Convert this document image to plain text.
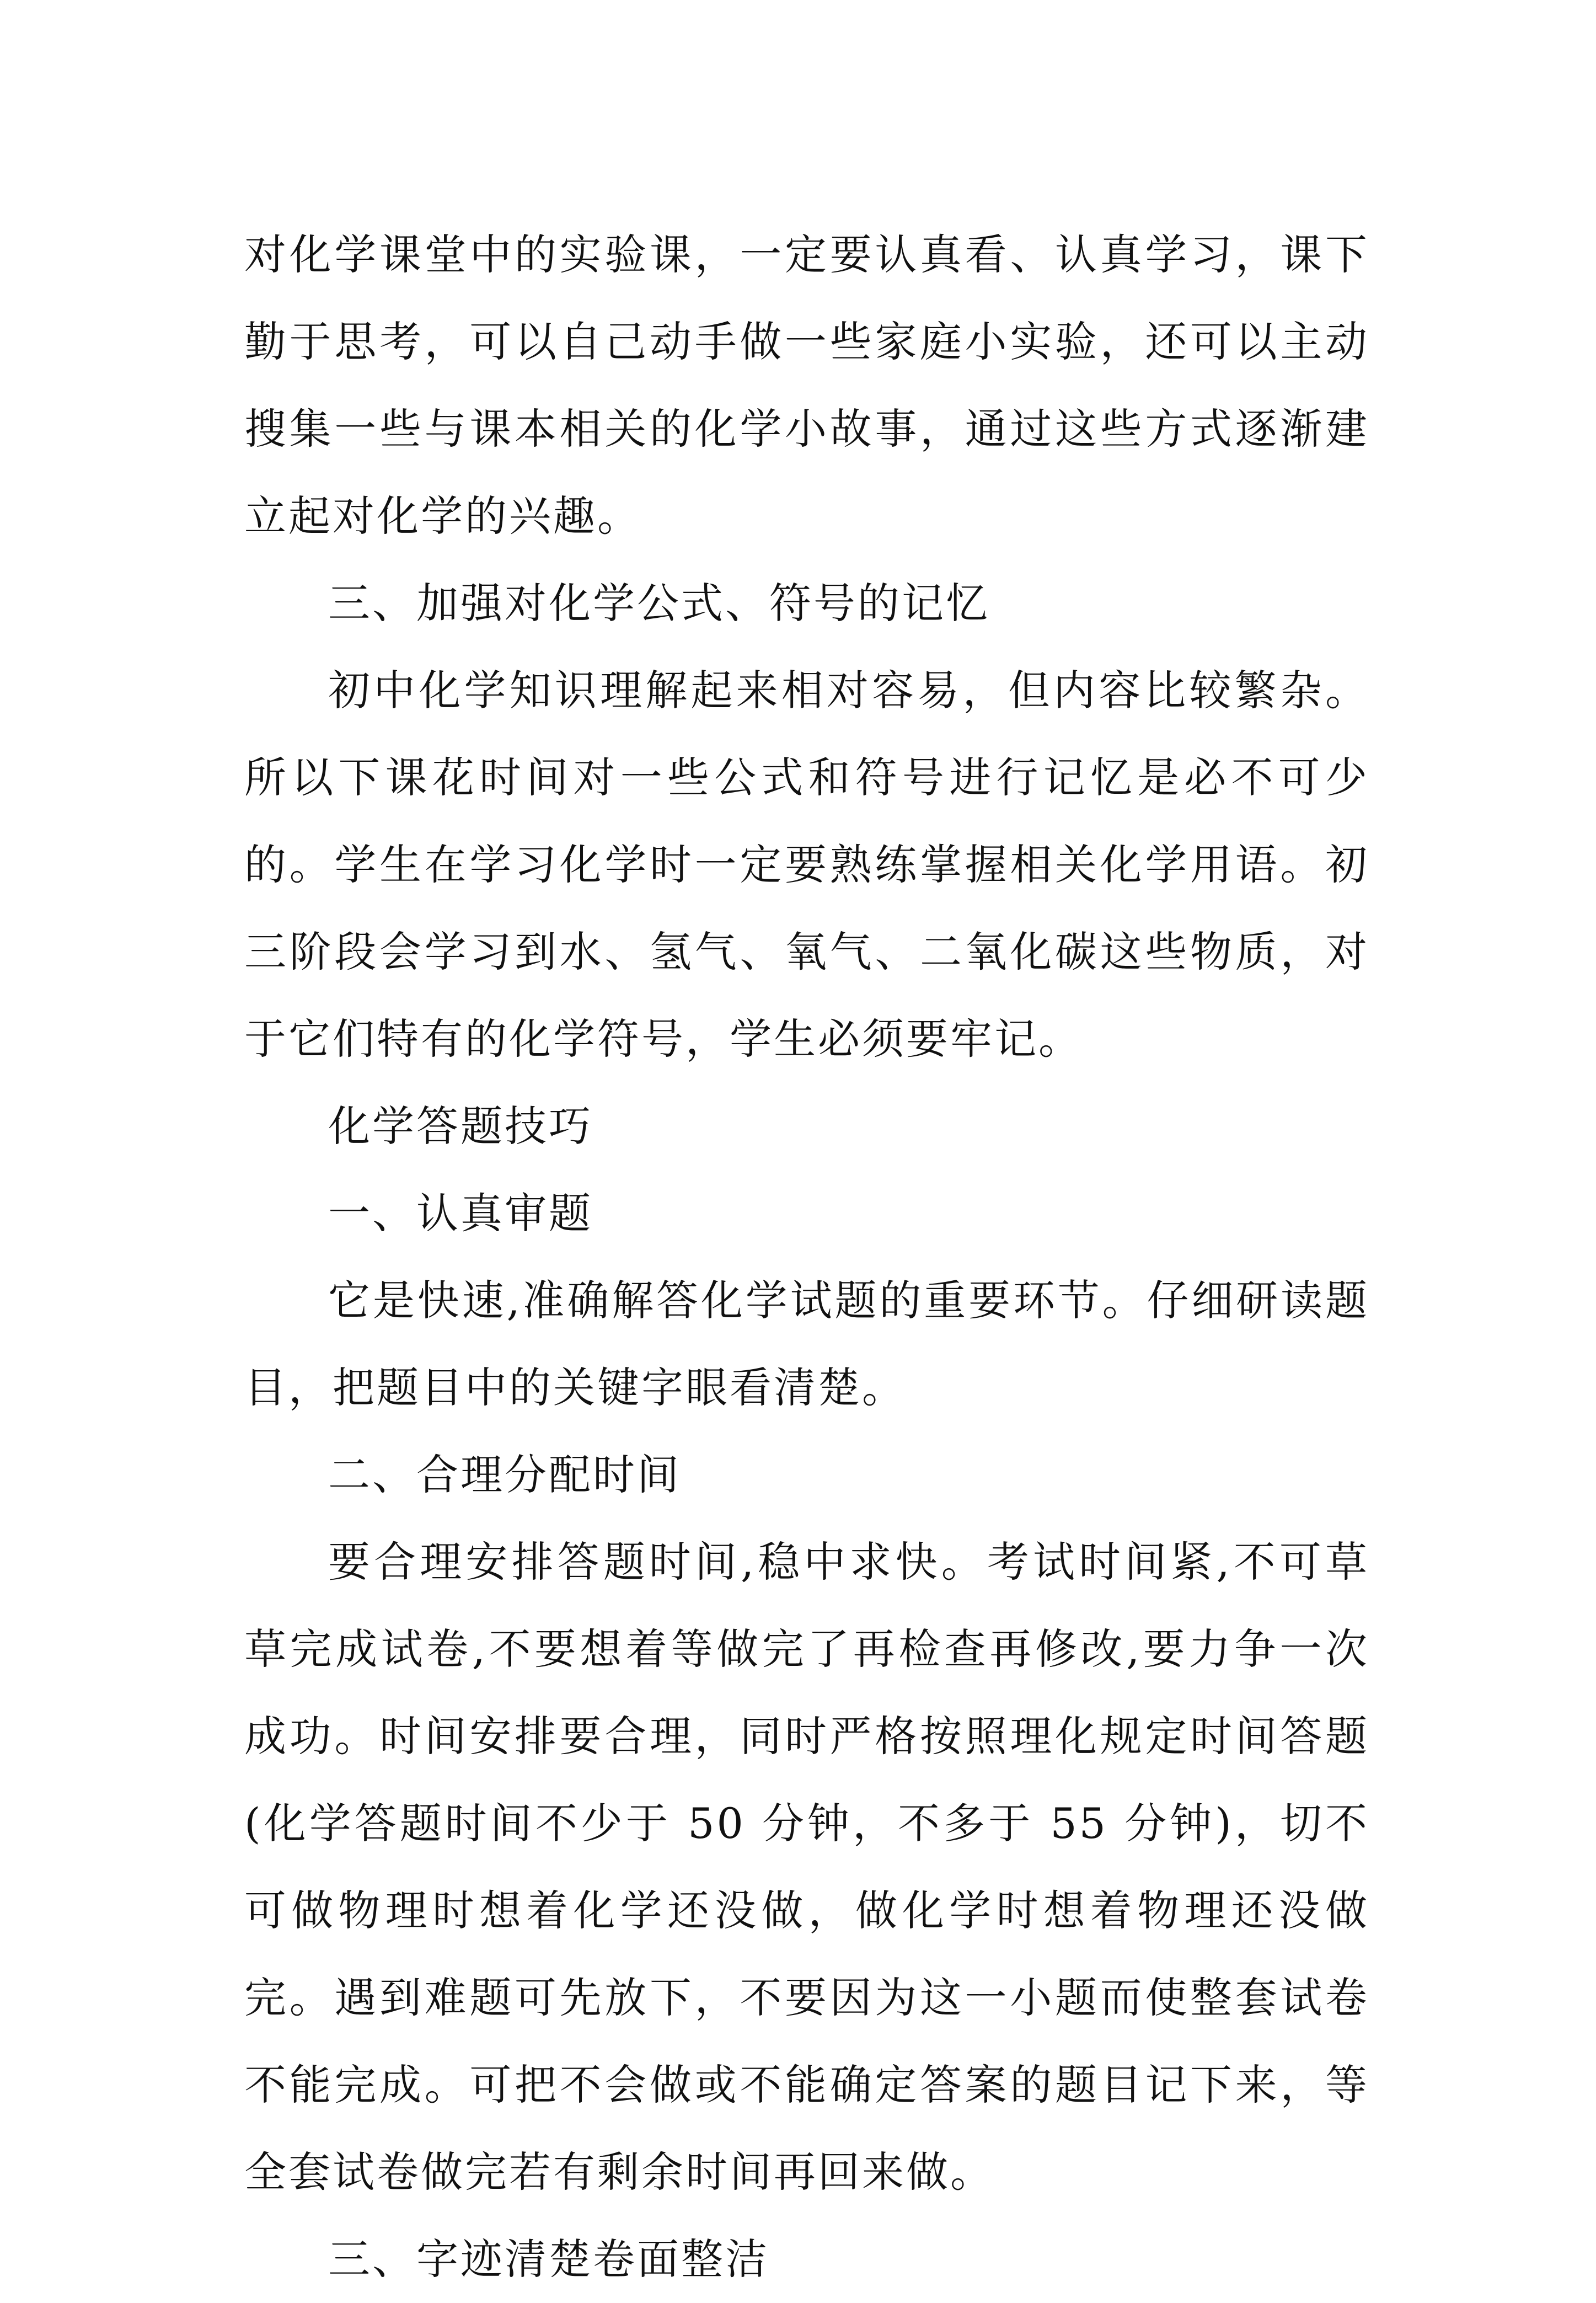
对化学课堂中的实验课，一定要认真看、认真学习，课下勤于思考，可以自己动手做一些家庭小实验，还可以主动搜集一些与课本相关的化学小故事，通过这些方式逐渐建立起对化学的兴趣。

三、加强对化学公式、符号的记忆

初中化学知识理解起来相对容易，但内容比较繁杂。所以下课花时间对一些公式和符号进行记忆是必不可少的。学生在学习化学时一定要熟练掌握相关化学用语。初三阶段会学习到水、氢气、氧气、二氧化碳这些物质，对于它们特有的化学符号，学生必须要牢记。

化学答题技巧

一、认真审题

它是快速,准确解答化学试题的重要环节。仔细研读题目，把题目中的关键字眼看清楚。

二、合理分配时间

要合理安排答题时间,稳中求快。考试时间紧,不可草草完成试卷,不要想着等做完了再检查再修改,要力争一次成功。时间安排要合理，同时严格按照理化规定时间答题(化学答题时间不少于 50 分钟，不多于 55 分钟)，切不可做物理时想着化学还没做，做化学时想着物理还没做完。遇到难题可先放下，不要因为这一小题而使整套试卷不能完成。可把不会做或不能确定答案的题目记下来，等全套试卷做完若有剩余时间再回来做。

三、字迹清楚卷面整洁
